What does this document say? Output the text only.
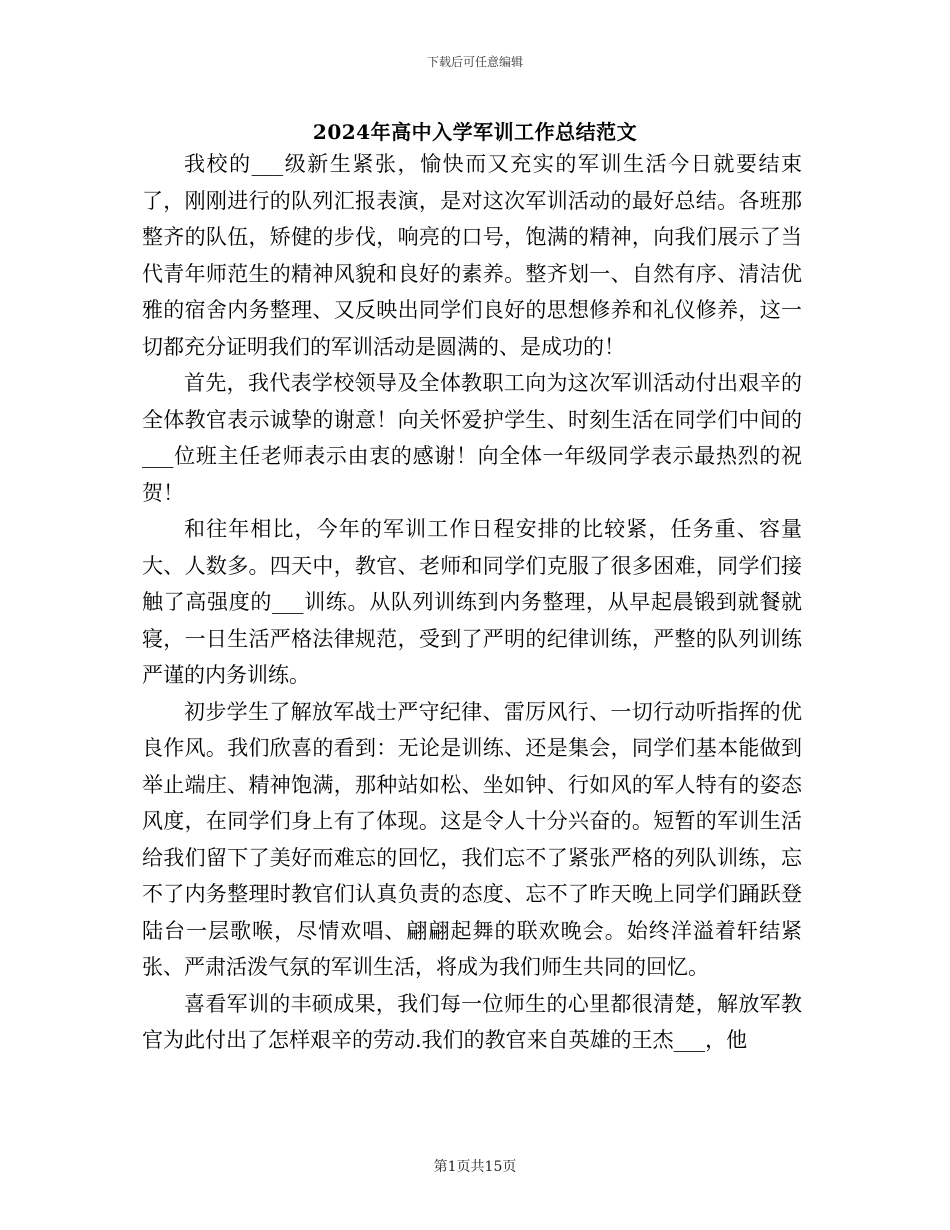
下载后可任意编辑
2024年高中入学军训工作总结范文

我校的___级新生紧张，愉快而又充实的军训生活今日就要结束了，刚刚进行的队列汇报表演，是对这次军训活动的最好总结。各班那整齐的队伍，矫健的步伐，响亮的口号，饱满的精神，向我们展示了当代青年师范生的精神风貌和良好的素养。整齐划一、自然有序、清洁优雅的宿舍内务整理、又反映出同学们良好的思想修养和礼仪修养，这一切都充分证明我们的军训活动是圆满的、是成功的！

首先，我代表学校领导及全体教职工向为这次军训活动付出艰辛的全体教官表示诚挚的谢意！向关怀爱护学生、时刻生活在同学们中间的___位班主任老师表示由衷的感谢！向全体一年级同学表示最热烈的祝贺！

和往年相比，今年的军训工作日程安排的比较紧，任务重、容量大、人数多。四天中，教官、老师和同学们克服了很多困难，同学们接触了高强度的___训练。从队列训练到内务整理，从早起晨锻到就餐就寝，一日生活严格法律规范，受到了严明的纪律训练，严整的队列训练严谨的内务训练。

初步学生了解放军战士严守纪律、雷厉风行、一切行动听指挥的优良作风。我们欣喜的看到：无论是训练、还是集会，同学们基本能做到举止端庄、精神饱满，那种站如松、坐如钟、行如风的军人特有的姿态风度，在同学们身上有了体现。这是令人十分兴奋的。短暂的军训生活给我们留下了美好而难忘的回忆，我们忘不了紧张严格的列队训练，忘不了内务整理时教官们认真负责的态度、忘不了昨天晚上同学们踊跃登陆台一层歌喉，尽情欢唱、翩翩起舞的联欢晚会。始终洋溢着轩结紧张、严肃活泼气氛的军训生活，将成为我们师生共同的回忆。

喜看军训的丰硕成果，我们每一位师生的心里都很清楚，解放军教官为此付出了怎样艰辛的劳动.我们的教官来自英雄的王杰___，他

第1页共15页
